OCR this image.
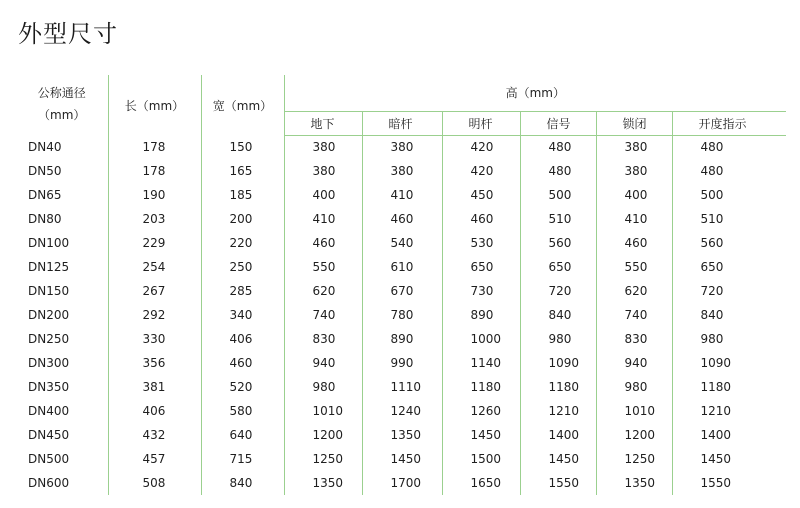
外型尺寸
公称通径
（mm）	长（mm）	宽（mm）	高（mm）					
			地下	暗杆	明杆	信号	锁闭	开度指示
DN40	178	150	380	380	420	480	380	480
DN50	178	165	380	380	420	480	380	480
DN65	190	185	400	410	450	500	400	500
DN80	203	200	410	460	460	510	410	510
DN100	229	220	460	540	530	560	460	560
DN125	254	250	550	610	650	650	550	650
DN150	267	285	620	670	730	720	620	720
DN200	292	340	740	780	890	840	740	840
DN250	330	406	830	890	1000	980	830	980
DN300	356	460	940	990	1140	1090	940	1090
DN350	381	520	980	1110	1180	1180	980	1180
DN400	406	580	1010	1240	1260	1210	1010	1210
DN450	432	640	1200	1350	1450	1400	1200	1400
DN500	457	715	1250	1450	1500	1450	1250	1450
DN600	508	840	1350	1700	1650	1550	1350	1550
